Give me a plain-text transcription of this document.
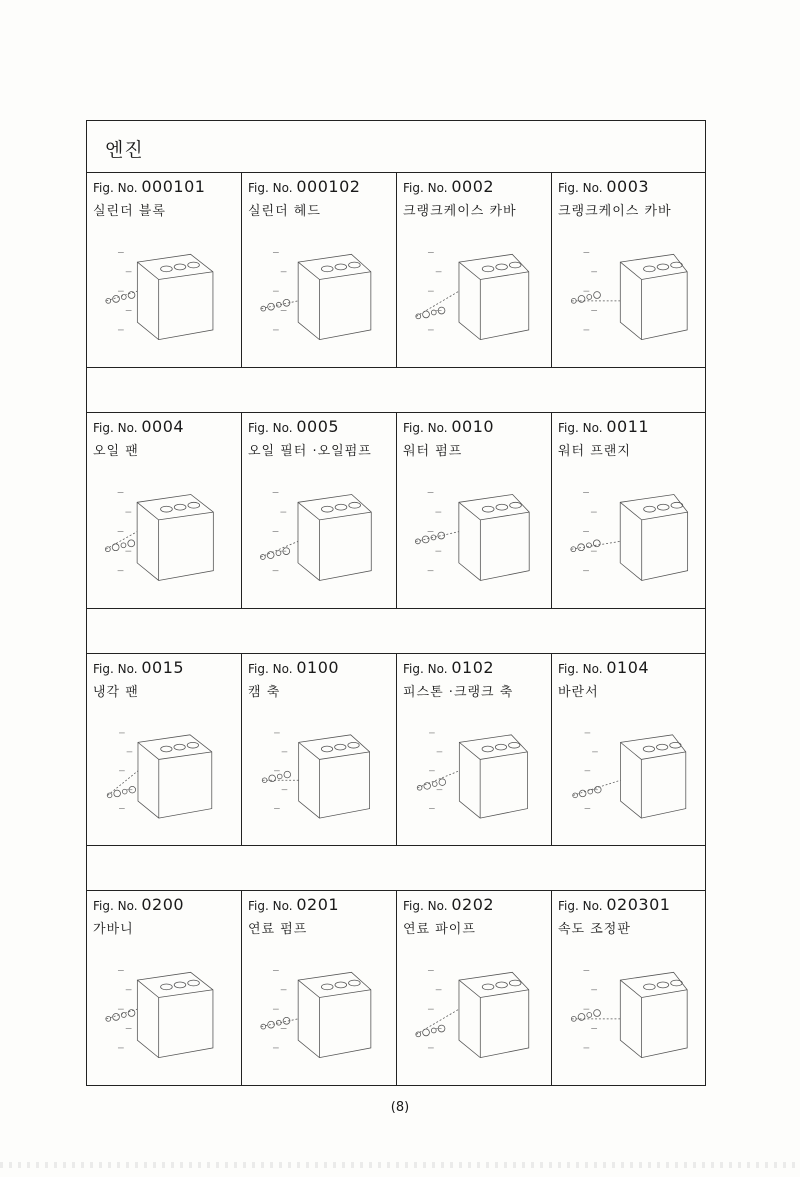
엔진
Fig. No. 000101
실린더 블록
Fig. No. 000102
실린더 헤드
Fig. No. 0002
크랭크케이스 카바
Fig. No. 0003
크랭크케이스 카바
Fig. No. 0004
오일 팬
Fig. No. 0005
오일 필터 ·오일펌프
Fig. No. 0010
워터 펌프
Fig. No. 0011
워터 프랜지
Fig. No. 0015
냉각 팬
Fig. No. 0100
캠 축
Fig. No. 0102
피스톤 ·크랭크 축
Fig. No. 0104
바란서
Fig. No. 0200
가바니
Fig. No. 0201
연료 펌프
Fig. No. 0202
연료 파이프
Fig. No. 020301
속도 조정판
(8)
